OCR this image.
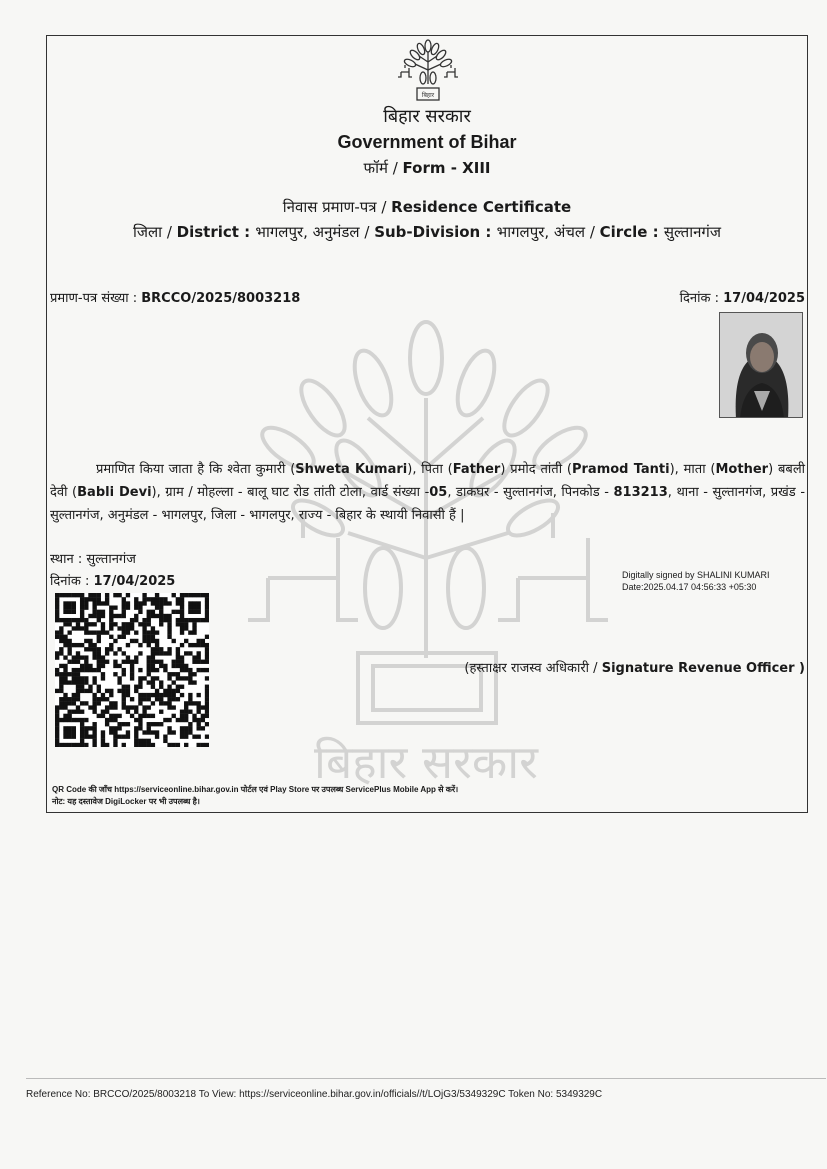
बिहार
बिहार सरकार
Government of Bihar
फॉर्म / Form - XIII
निवास प्रमाण-पत्र / Residence Certificate
जिला / District : भागलपुर, अनुमंडल / Sub-Division : भागलपुर, अंचल / Circle : सुल्तानगंज
प्रमाण-पत्र संख्या : BRCCO/2025/8003218	दिनांक : 17/04/2025
बिहार सरकार
प्रमाणित किया जाता है कि श्वेता कुमारी (Shweta Kumari), पिता (Father) प्रमोद तांती (Pramod Tanti), माता (Mother) बबली देवी (Babli Devi), ग्राम / मोहल्ला - बालू घाट रोड तांती टोला, वार्ड संख्या -05, डाकघर - सुल्तानगंज, पिनकोड - 813213, थाना - सुल्तानगंज, प्रखंड - सुल्तानगंज, अनुमंडल - भागलपुर, जिला - भागलपुर, राज्य - बिहार के स्थायी निवासी हैं |
स्थान : सुल्तानगंज
दिनांक : 17/04/2025	Digitally signed by SHALINI KUMARI
Date:2025.04.17 04:56:33 +05:30
(हस्ताक्षर राजस्व अधिकारी / Signature Revenue Officer )
QR Code की जाँच https://serviceonline.bihar.gov.in पोर्टल एवं Play Store पर उपलब्ध ServicePlus Mobile App से करें।
नोट: यह दस्तावेज DigiLocker पर भी उपलब्ध है।
Reference No: BRCCO/2025/8003218 To View: https://serviceonline.bihar.gov.in/officials//t/LOjG3/5349329C Token No: 5349329C
